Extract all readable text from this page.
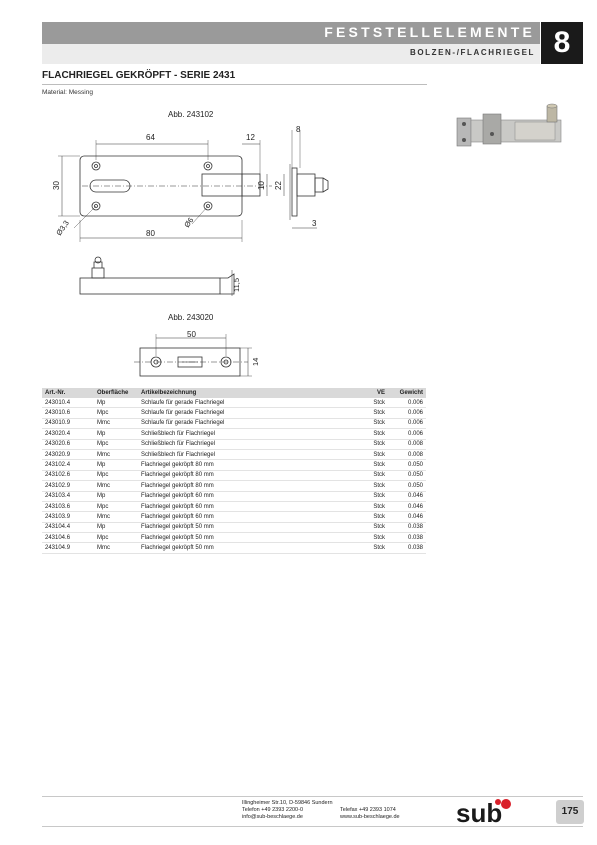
FESTSTELLELEMENTE
BOLZEN-/FLACHRIEGEL 8
FLACHRIEGEL GEKRÖPFT - SERIE 2431
Material: Messing
Abb. 243102
64	12
8
30	10 22
Ø3,3	Ø6
80
3
11,5
Abb. 243020
50
14
Art.-Nr.	Oberfläche	Artikelbezeichnung	VE	Gewicht
243010.4	Mp	Schlaufe für gerade Flachriegel	Stck	0.006
243010.6	Mpc	Schlaufe für gerade Flachriegel	Stck	0.006
243010.9	Mmc	Schlaufe für gerade Flachriegel	Stck	0.006
243020.4	Mp	Schließblech für Flachriegel	Stck	0.006
243020.6	Mpc	Schließblech für Flachriegel	Stck	0.008
243020.9	Mmc	Schließblech für Flachriegel	Stck	0.008
243102.4	Mp	Flachriegel gekröpft 80 mm	Stck	0.050
243102.6	Mpc	Flachriegel gekröpft 80 mm	Stck	0.050
243102.9	Mmc	Flachriegel gekröpft 80 mm	Stck	0.050
243103.4	Mp	Flachriegel gekröpft 60 mm	Stck	0.046
243103.6	Mpc	Flachriegel gekröpft 60 mm	Stck	0.046
243103.9	Mmc	Flachriegel gekröpft 60 mm	Stck	0.046
243104.4	Mp	Flachriegel gekröpft 50 mm	Stck	0.038
243104.6	Mpc	Flachriegel gekröpft 50 mm	Stck	0.038
243104.9	Mmc	Flachriegel gekröpft 50 mm	Stck	0.038
Illingheimer Str.10, D-59846 Sundern
Telefon +49 2393 2200-0	Telefax +49 2393 1074
info@sub-beschlaege.de	www.sub-beschlaege.de sub	175
